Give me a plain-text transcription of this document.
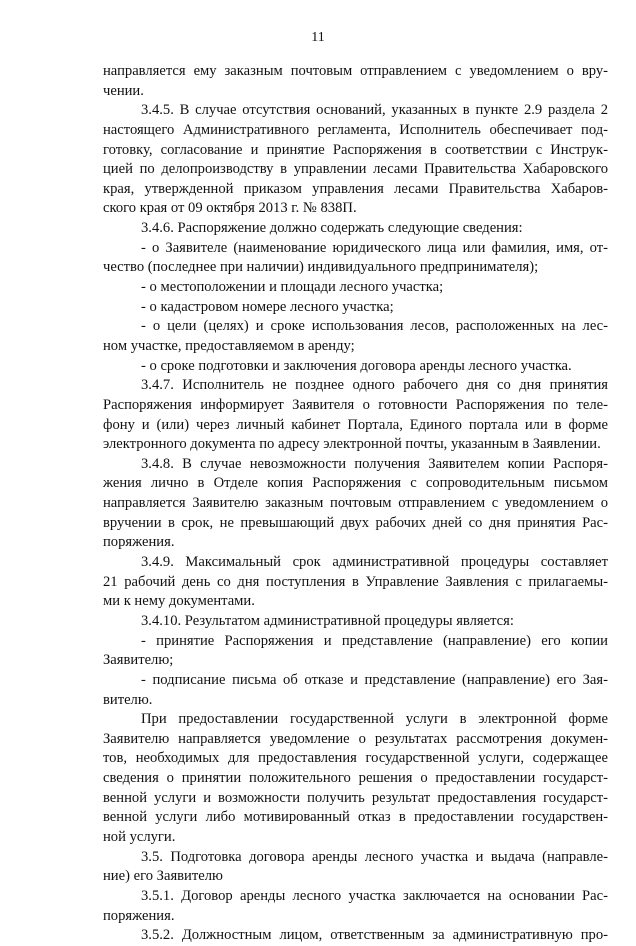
11
направляется ему заказным почтовым отправлением с уведомлением о вру-
чении.
3.4.5. В случае отсутствия оснований, указанных в пункте 2.9 раздела 2
настоящего Административного регламента, Исполнитель обеспечивает под-
готовку, согласование и принятие Распоряжения в соответствии с Инструк-
цией по делопроизводству в управлении лесами Правительства Хабаровского
края, утвержденной приказом управления лесами Правительства Хабаров-
ского края от 09 октября 2013 г. № 838П.
3.4.6. Распоряжение должно содержать следующие сведения:
- о Заявителе (наименование юридического лица или фамилия, имя, от-
чество (последнее при наличии) индивидуального предпринимателя);
- о местоположении и площади лесного участка;
- о кадастровом номере лесного участка;
- о цели (целях) и сроке использования лесов, расположенных на лес-
ном участке, предоставляемом в аренду;
- о сроке подготовки и заключения договора аренды лесного участка.
3.4.7. Исполнитель не позднее одного рабочего дня со дня принятия
Распоряжения информирует Заявителя о готовности Распоряжения по теле-
фону и (или) через личный кабинет Портала, Единого портала или в форме
электронного документа по адресу электронной почты, указанным в Заявлении.
3.4.8. В случае невозможности получения Заявителем копии Распоря-
жения лично в Отделе копия Распоряжения с сопроводительным письмом
направляется Заявителю заказным почтовым отправлением с уведомлением о
вручении в срок, не превышающий двух рабочих дней со дня принятия Рас-
поряжения.
3.4.9. Максимальный срок административной процедуры составляет
21 рабочий день со дня поступления в Управление Заявления с прилагаемы-
ми к нему документами.
3.4.10. Результатом административной процедуры является:
- принятие Распоряжения и представление (направление) его копии
Заявителю;
- подписание письма об отказе и представление (направление) его Зая-
вителю.
При предоставлении государственной услуги в электронной форме
Заявителю направляется уведомление о результатах рассмотрения докумен-
тов, необходимых для предоставления государственной услуги, содержащее
сведения о принятии положительного решения о предоставлении государст-
венной услуги и возможности получить результат предоставления государст-
венной услуги либо мотивированный отказ в предоставлении государствен-
ной услуги.
3.5. Подготовка договора аренды лесного участка и выдача (направле-
ние) его Заявителю
3.5.1. Договор аренды лесного участка заключается на основании Рас-
поряжения.
3.5.2. Должностным лицом, ответственным за административную про-
